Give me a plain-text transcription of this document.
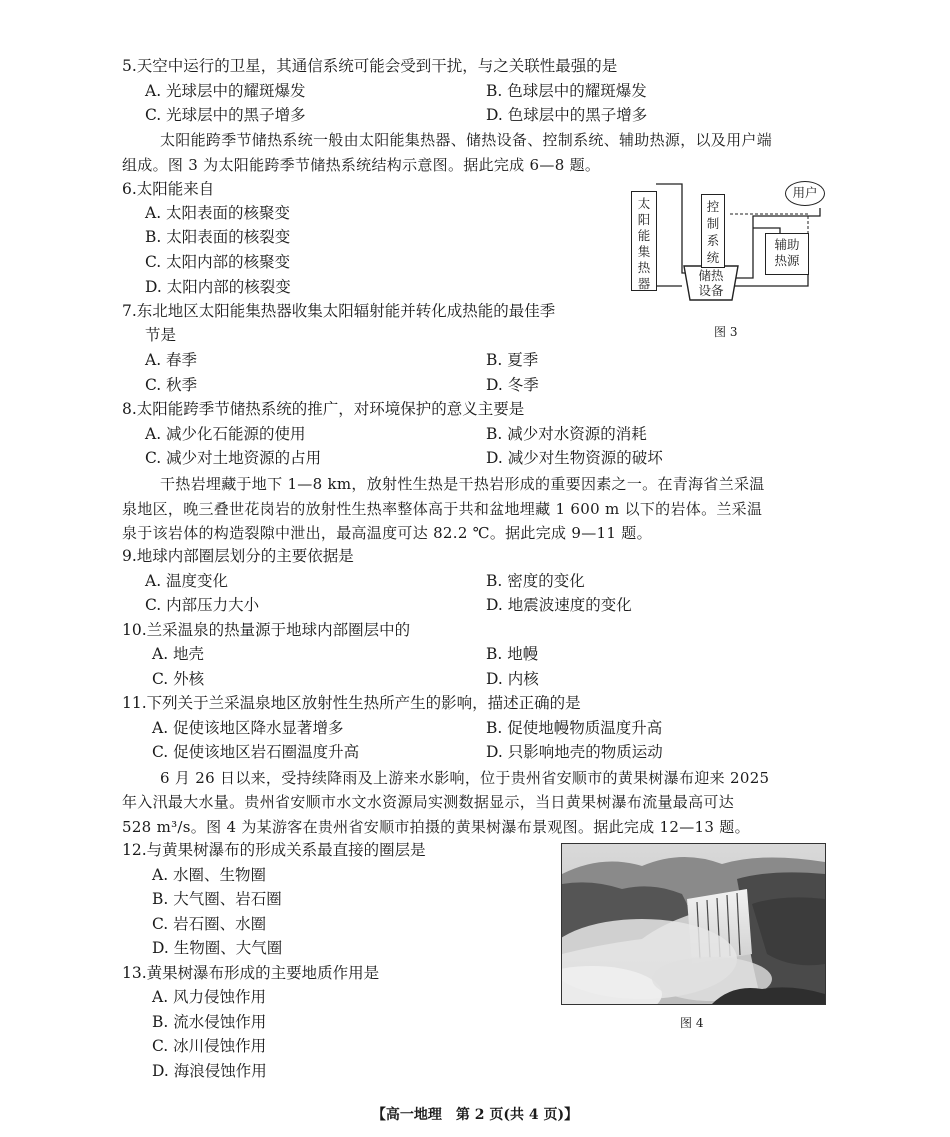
5.天空中运行的卫星，其通信系统可能会受到干扰，与之关联性最强的是
A. 光球层中的耀斑爆发	B. 色球层中的耀斑爆发
C. 光球层中的黑子增多	D. 色球层中的黑子增多
太阳能跨季节储热系统一般由太阳能集热器、储热设备、控制系统、辅助热源，以及用户端
组成。图 3 为太阳能跨季节储热系统结构示意图。据此完成 6—8 题。
6.太阳能来自
A. 太阳表面的核聚变
B. 太阳表面的核裂变
C. 太阳内部的核聚变
D. 太阳内部的核裂变
太阳能集热器
控制系统
用户
辅助
热源
储热
设备
图 3
7.东北地区太阳能集热器收集太阳辐射能并转化成热能的最佳季
节是
A. 春季	B. 夏季
C. 秋季	D. 冬季
8.太阳能跨季节储热系统的推广，对环境保护的意义主要是
A. 减少化石能源的使用	B. 减少对水资源的消耗
C. 减少对土地资源的占用	D. 减少对生物资源的破坏
干热岩埋藏于地下 1—8 km，放射性生热是干热岩形成的重要因素之一。在青海省兰采温
泉地区，晚三叠世花岗岩的放射性生热率整体高于共和盆地埋藏 1 600 m 以下的岩体。兰采温
泉于该岩体的构造裂隙中泄出，最高温度可达 82.2 ℃。据此完成 9—11 题。
9.地球内部圈层划分的主要依据是
A. 温度变化	B. 密度的变化
C. 内部压力大小	D. 地震波速度的变化
10.兰采温泉的热量源于地球内部圈层中的
A. 地壳	B. 地幔
C. 外核	D. 内核
11.下列关于兰采温泉地区放射性生热所产生的影响，描述正确的是
A. 促使该地区降水显著增多	B. 促使地幔物质温度升高
C. 促使该地区岩石圈温度升高	D. 只影响地壳的物质运动
6 月 26 日以来，受持续降雨及上游来水影响，位于贵州省安顺市的黄果树瀑布迎来 2025
年入汛最大水量。贵州省安顺市水文水资源局实测数据显示，当日黄果树瀑布流量最高可达
528 m³/s。图 4 为某游客在贵州省安顺市拍摄的黄果树瀑布景观图。据此完成 12—13 题。
12.与黄果树瀑布的形成关系最直接的圈层是
A. 水圈、生物圈
B. 大气圈、岩石圈
C. 岩石圈、水圈
D. 生物圈、大气圈
13.黄果树瀑布形成的主要地质作用是
A. 风力侵蚀作用
B. 流水侵蚀作用
C. 冰川侵蚀作用
D. 海浪侵蚀作用
图 4
【高一地理　第 2 页(共 4 页)】
